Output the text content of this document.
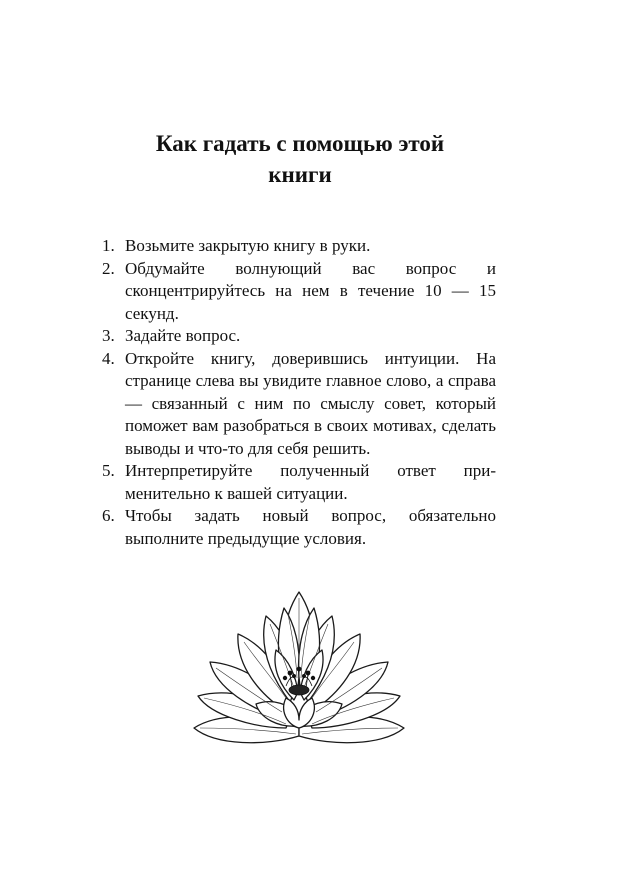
Как гадать с помощью этой
книги
1. Возьмите закрытую книгу в руки.
2. Обдумайте волнующий вас вопрос и сконцентрируйтесь на нем в течение 10 — 15 секунд.
3. Задайте вопрос.
4. Откройте книгу, доверившись интуиции. На странице слева вы увидите главное слово, а справа — связанный с ним по смыслу совет, который поможет вам разобраться в своих мотивах, сделать выводы и что-то для себя решить.
5. Интерпретируйте полученный ответ применительно к вашей ситуации.
6. Чтобы задать новый вопрос, обязательно выполните предыдущие условия.
